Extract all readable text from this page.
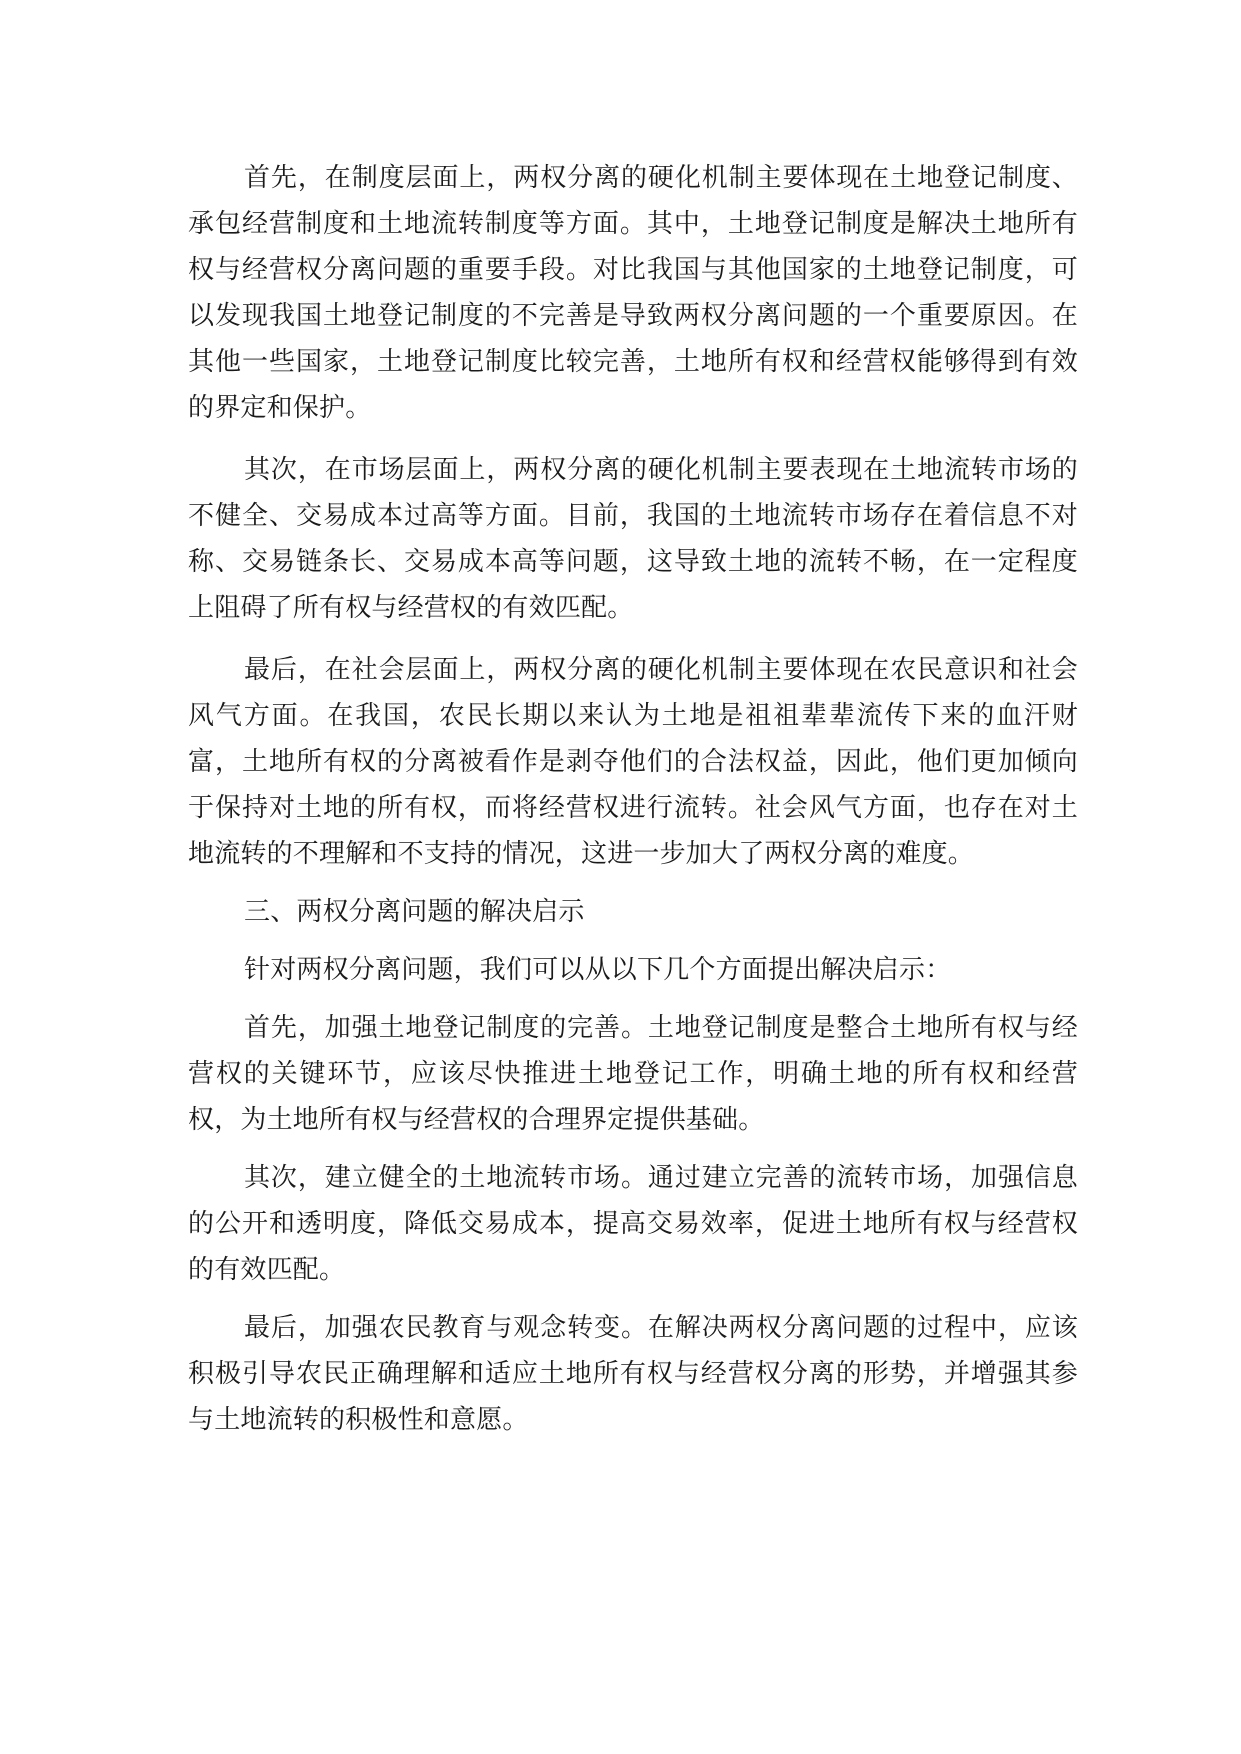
首先，在制度层面上，两权分离的硬化机制主要体现在土地登记制度、承包经营制度和土地流转制度等方面。其中，土地登记制度是解决土地所有权与经营权分离问题的重要手段。对比我国与其他国家的土地登记制度，可以发现我国土地登记制度的不完善是导致两权分离问题的一个重要原因。在其他一些国家，土地登记制度比较完善，土地所有权和经营权能够得到有效的界定和保护。

其次，在市场层面上，两权分离的硬化机制主要表现在土地流转市场的不健全、交易成本过高等方面。目前，我国的土地流转市场存在着信息不对称、交易链条长、交易成本高等问题，这导致土地的流转不畅，在一定程度上阻碍了所有权与经营权的有效匹配。

最后，在社会层面上，两权分离的硬化机制主要体现在农民意识和社会风气方面。在我国，农民长期以来认为土地是祖祖辈辈流传下来的血汗财富，土地所有权的分离被看作是剥夺他们的合法权益，因此，他们更加倾向于保持对土地的所有权，而将经营权进行流转。社会风气方面，也存在对土地流转的不理解和不支持的情况，这进一步加大了两权分离的难度。

三、两权分离问题的解决启示

针对两权分离问题，我们可以从以下几个方面提出解决启示：

首先，加强土地登记制度的完善。土地登记制度是整合土地所有权与经营权的关键环节，应该尽快推进土地登记工作，明确土地的所有权和经营权，为土地所有权与经营权的合理界定提供基础。

其次，建立健全的土地流转市场。通过建立完善的流转市场，加强信息的公开和透明度，降低交易成本，提高交易效率，促进土地所有权与经营权的有效匹配。

最后，加强农民教育与观念转变。在解决两权分离问题的过程中，应该积极引导农民正确理解和适应土地所有权与经营权分离的形势，并增强其参与土地流转的积极性和意愿。
